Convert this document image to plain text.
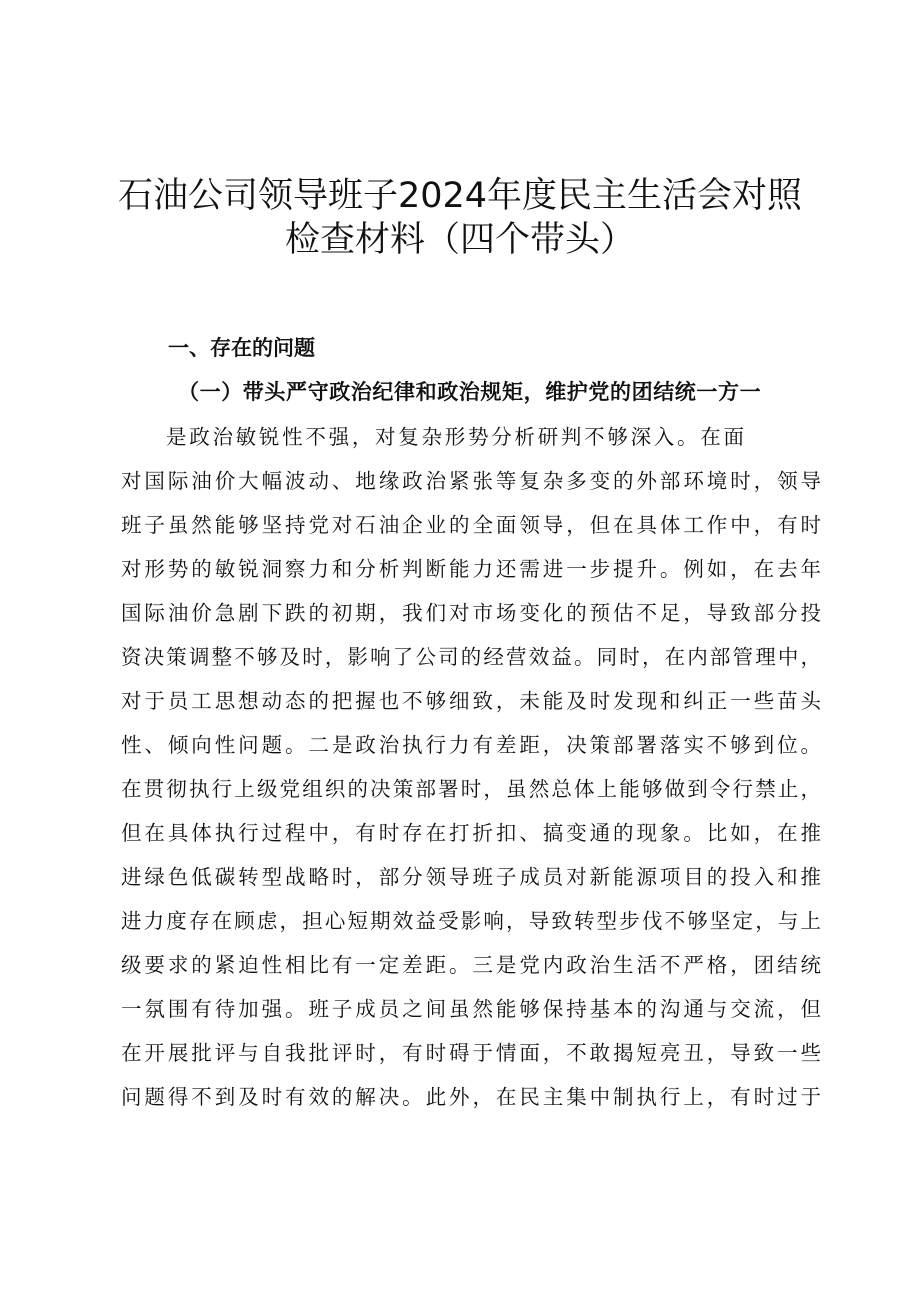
石油公司领导班子2024年度民主生活会对照
检查材料（四个带头）
一、存在的问题
（一）带头严守政治纪律和政治规矩，维护党的团结统一方一
是政治敏锐性不强，对复杂形势分析研判不够深入。在面
对国际油价大幅波动、地缘政治紧张等复杂多变的外部环境时，领导
班子虽然能够坚持党对石油企业的全面领导，但在具体工作中，有时
对形势的敏锐洞察力和分析判断能力还需进一步提升。例如，在去年
国际油价急剧下跌的初期，我们对市场变化的预估不足，导致部分投
资决策调整不够及时，影响了公司的经营效益。同时，在内部管理中，
对于员工思想动态的把握也不够细致，未能及时发现和纠正一些苗头
性、倾向性问题。二是政治执行力有差距，决策部署落实不够到位。
在贯彻执行上级党组织的决策部署时，虽然总体上能够做到令行禁止，
但在具体执行过程中，有时存在打折扣、搞变通的现象。比如，在推
进绿色低碳转型战略时，部分领导班子成员对新能源项目的投入和推
进力度存在顾虑，担心短期效益受影响，导致转型步伐不够坚定，与上
级要求的紧迫性相比有一定差距。三是党内政治生活不严格，团结统
一氛围有待加强。班子成员之间虽然能够保持基本的沟通与交流，但
在开展批评与自我批评时，有时碍于情面，不敢揭短亮丑，导致一些
问题得不到及时有效的解决。此外，在民主集中制执行上，有时过于
